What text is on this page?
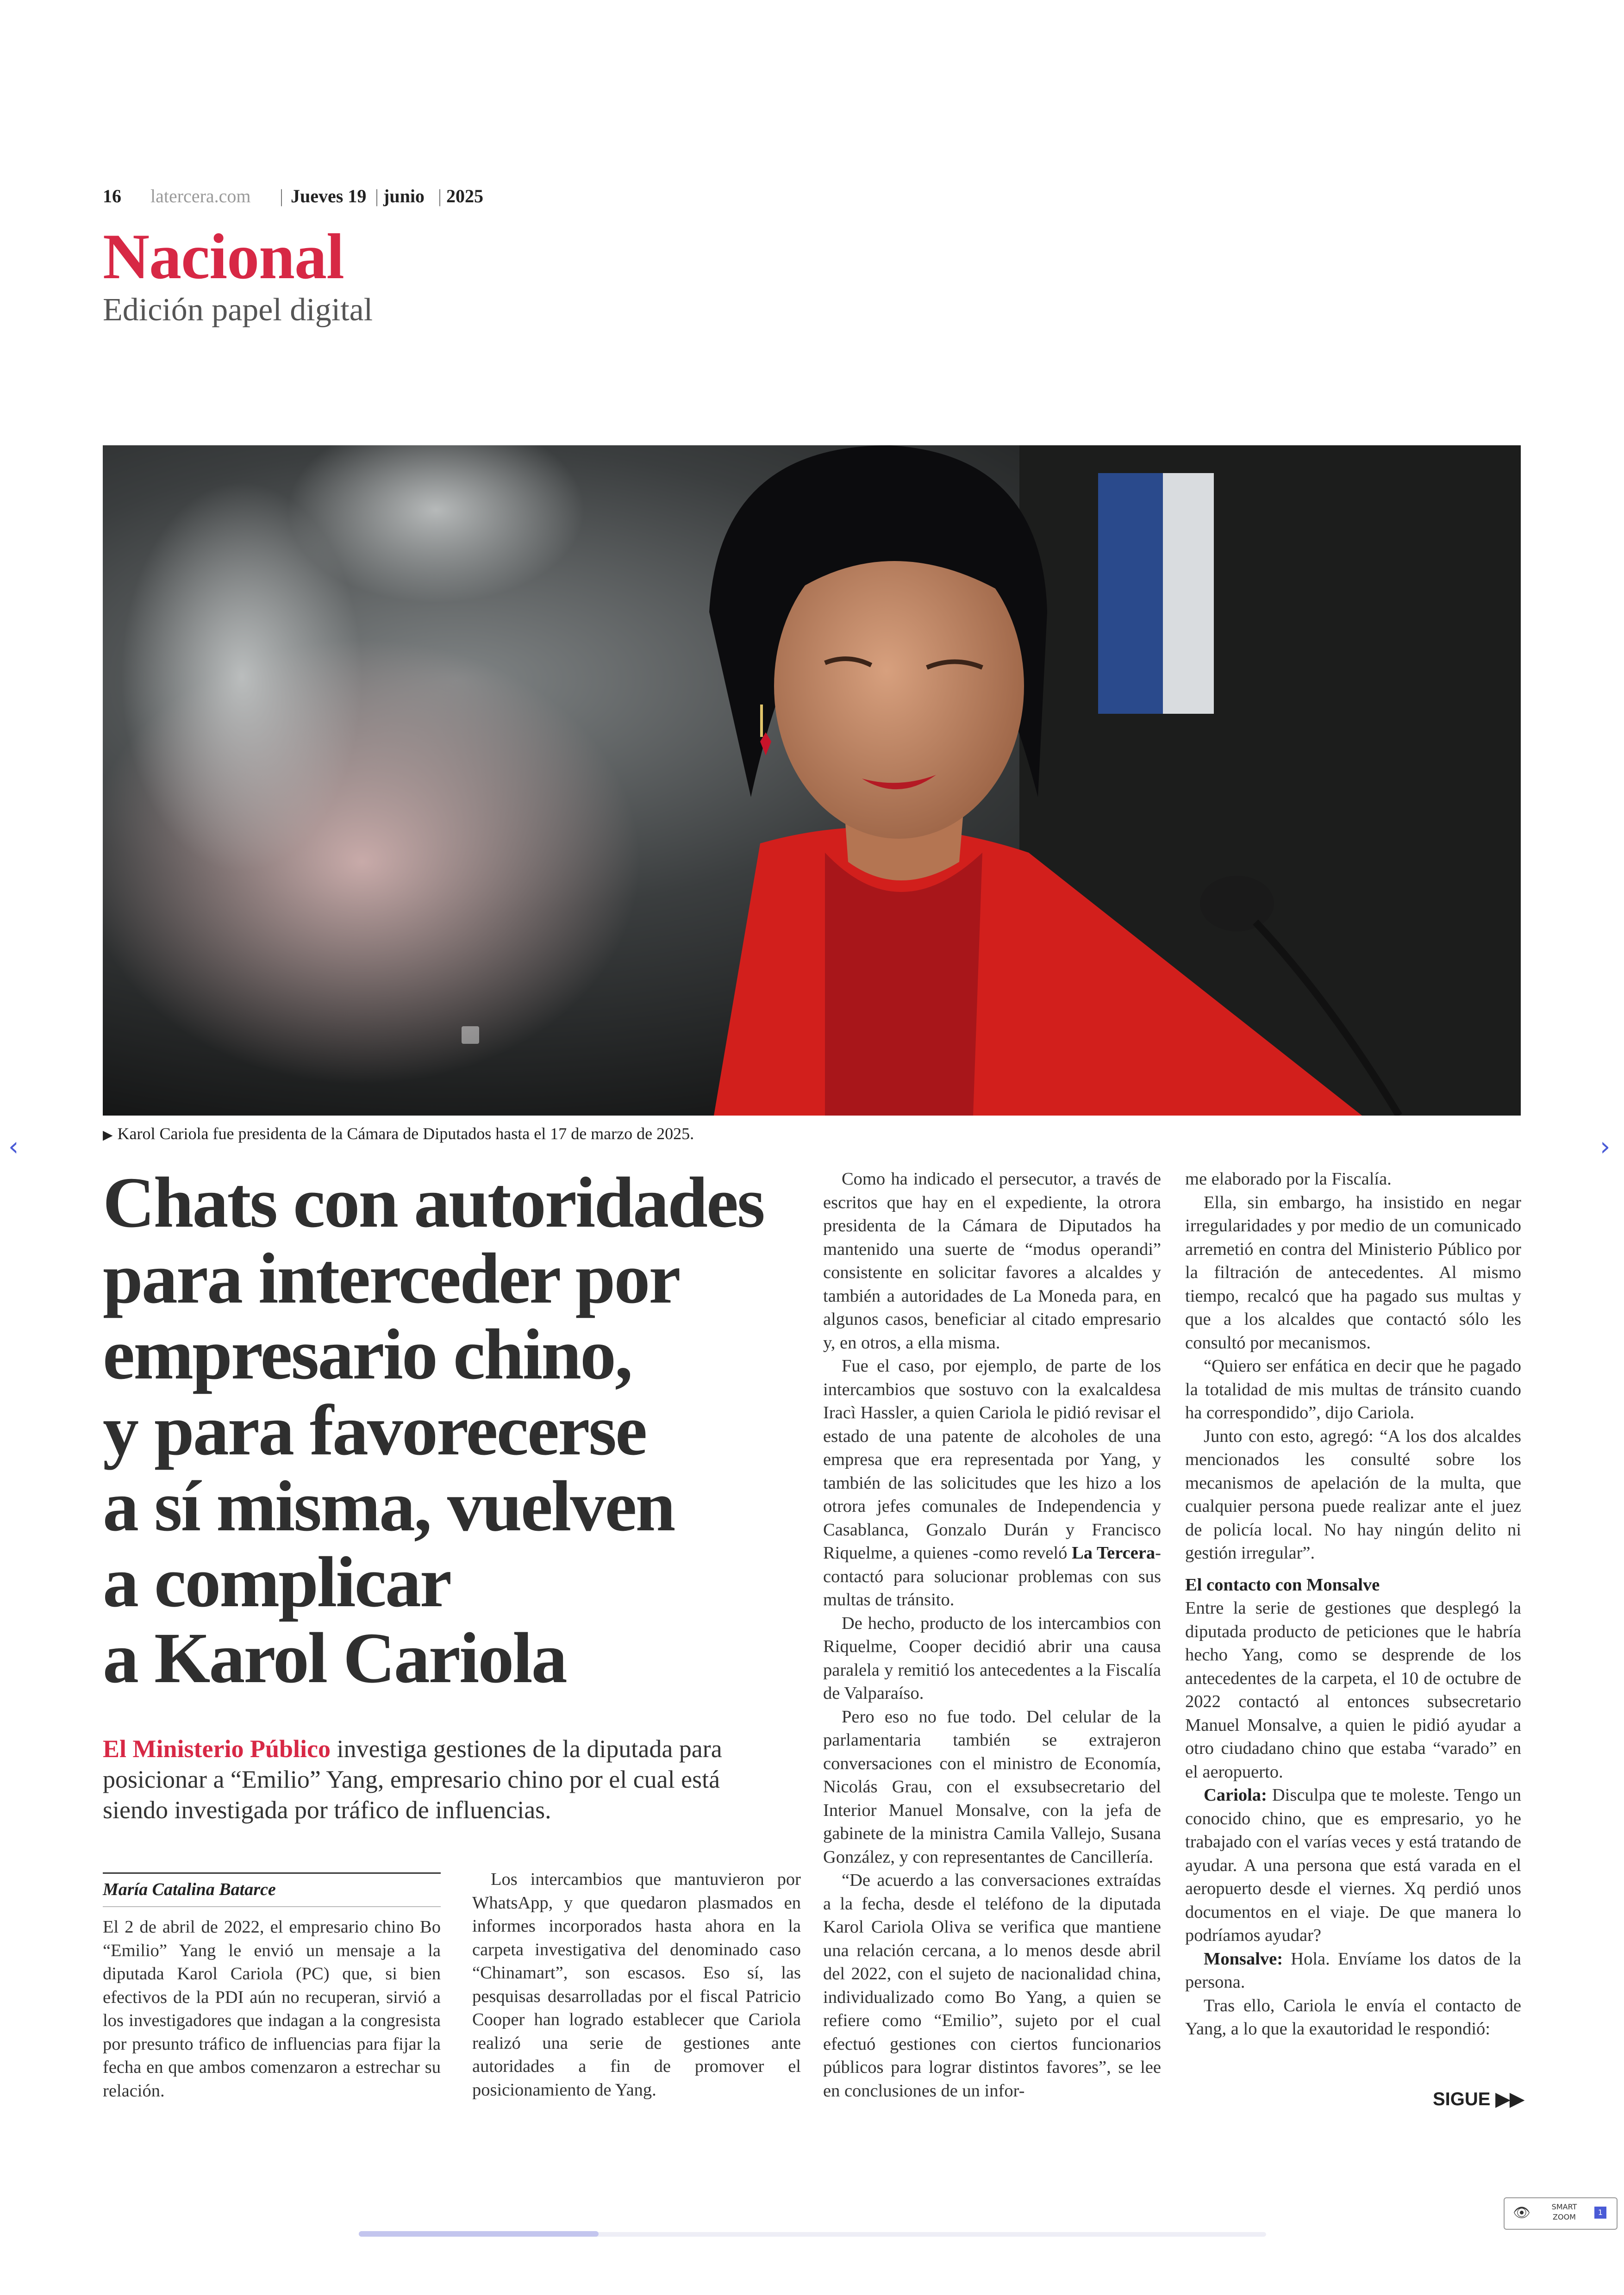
16 latercera.com | Jueves 19 | junio | 2025
Nacional
Edición papel digital
▶ Karol Cariola fue presidenta de la Cámara de Diputados hasta el 17 de marzo de 2025.
Chats con autoridades
para interceder por
empresario chino,
y para favorecerse
a sí misma, vuelven
a complicar
a Karol Cariola
El Ministerio Público investiga gestiones de la diputada para posicionar a “Emilio” Yang, empresario chino por el cual está siendo investigada por tráfico de influencias.
María Catalina Batarce

El 2 de abril de 2022, el empresario chino Bo “Emilio” Yang le envió un mensaje a la diputada Karol Cariola (PC) que, si bien efectivos de la PDI aún no recuperan, sirvió a los investigadores que indagan a la congresista por presunto tráfico de influencias para fijar la fecha en que ambos comenzaron a estrechar su relación.

Los intercambios que mantuvieron por WhatsApp, y que quedaron plasmados en informes incorporados hasta ahora en la carpeta investigativa del denominado caso “Chinamart”, son escasos. Eso sí, las pesquisas desarrolladas por el fiscal Patricio Cooper han logrado establecer que Cariola realizó una serie de gestiones ante autoridades a fin de promover el posicionamiento de Yang.

Como ha indicado el persecutor, a través de escritos que hay en el expediente, la otrora presidenta de la Cámara de Diputados ha mantenido una suerte de “modus operandi” consistente en solicitar favores a alcaldes y también a autoridades de La Moneda para, en algunos casos, beneficiar al citado empresario y, en otros, a ella misma.

Fue el caso, por ejemplo, de parte de los intercambios que sostuvo con la exalcaldesa Iracì Hassler, a quien Cariola le pidió revisar el estado de una patente de alcoholes de una empresa que era representada por Yang, y también de las solicitudes que les hizo a los otrora jefes comunales de Independencia y Casablanca, Gonzalo Durán y Francisco Riquelme, a quienes -como reveló La Tercera- contactó para solucionar problemas con sus multas de tránsito.

De hecho, producto de los intercambios con Riquelme, Cooper decidió abrir una causa paralela y remitió los antecedentes a la Fiscalía de Valparaíso.

Pero eso no fue todo. Del celular de la parlamentaria también se extrajeron conversaciones con el ministro de Economía, Nicolás Grau, con el exsubsecretario del Interior Manuel Monsalve, con la jefa de gabinete de la ministra Camila Vallejo, Susana González, y con representantes de Cancillería.

“De acuerdo a las conversaciones extraídas a la fecha, desde el teléfono de la diputada Karol Cariola Oliva se verifica que mantiene una relación cercana, a lo menos desde abril del 2022, con el sujeto de nacionalidad china, individualizado como Bo Yang, a quien se refiere como “Emilio”, sujeto por el cual efectuó gestiones con ciertos funcionarios públicos para lograr distintos favores”, se lee en conclusiones de un infor-

me elaborado por la Fiscalía.

Ella, sin embargo, ha insistido en negar irregularidades y por medio de un comunicado arremetió en contra del Ministerio Público por la filtración de antecedentes. Al mismo tiempo, recalcó que ha pagado sus multas y que a los alcaldes que contactó sólo les consultó por mecanismos.

“Quiero ser enfática en decir que he pagado la totalidad de mis multas de tránsito cuando ha correspondido”, dijo Cariola.

Junto con esto, agregó: “A los dos alcaldes mencionados les consulté sobre los mecanismos de apelación de la multa, que cualquier persona puede realizar ante el juez de policía local. No hay ningún delito ni gestión irregular”.

El contacto con Monsalve

Entre la serie de gestiones que desplegó la diputada producto de peticiones que le habría hecho Yang, como se desprende de los antecedentes de la carpeta, el 10 de octubre de 2022 contactó al entonces subsecretario Manuel Monsalve, a quien le pidió ayudar a otro ciudadano chino que estaba “varado” en el aeropuerto.

Cariola: Disculpa que te moleste. Tengo un conocido chino, que es empresario, yo he trabajado con el varías veces y está tratando de ayudar. A una persona que está varada en el aeropuerto desde el viernes. Xq perdió unos documentos en el viaje. De que manera lo podríamos ayudar?

Monsalve: Hola. Envíame los datos de la persona.

Tras ello, Cariola le envía el contacto de Yang, a lo que la exautoridad le respondió:

SIGUE ▶▶
‹	›
👁	SMART ZOOM
1
